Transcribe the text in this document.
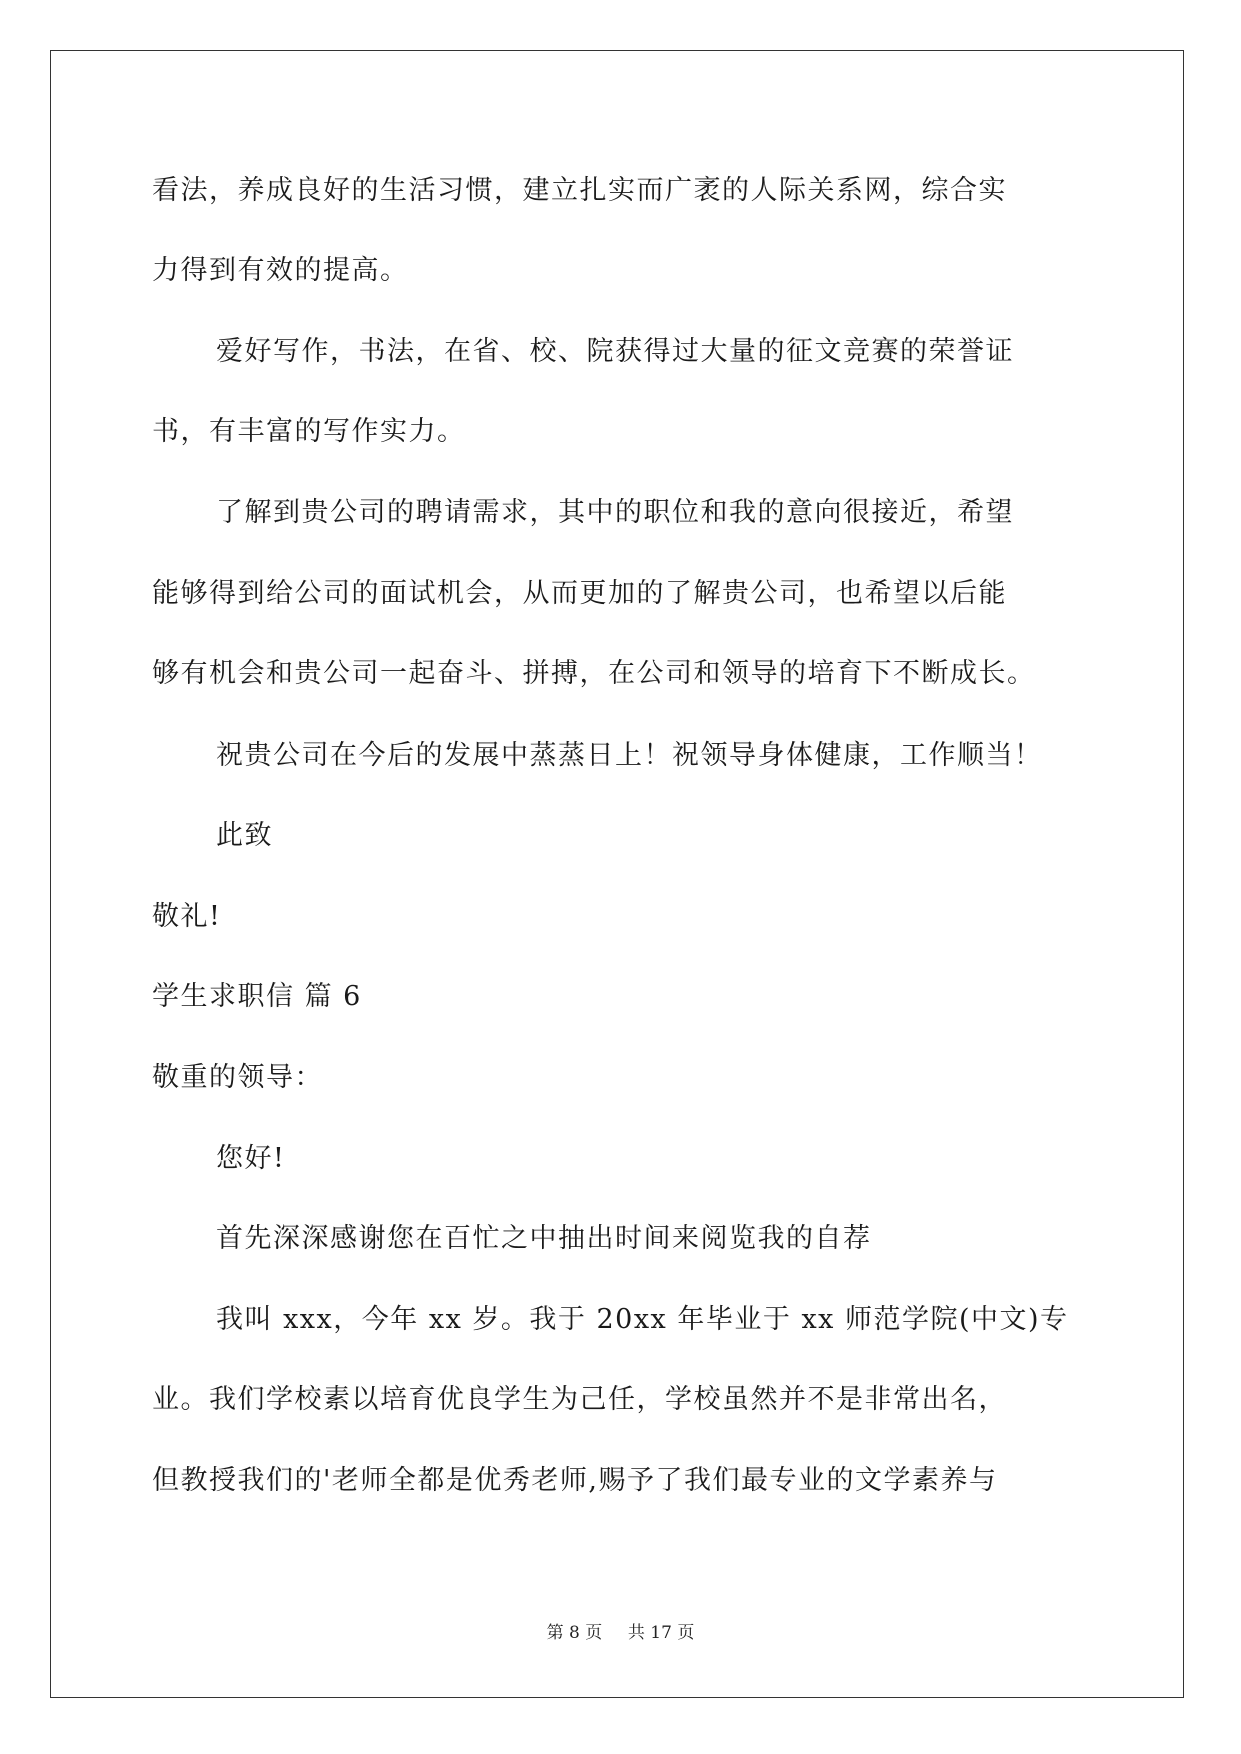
看法，养成良好的生活习惯，建立扎实而广袤的人际关系网，综合实
力得到有效的提高。
爱好写作，书法，在省、校、院获得过大量的征文竞赛的荣誉证
书，有丰富的写作实力。
了解到贵公司的聘请需求，其中的职位和我的意向很接近，希望
能够得到给公司的面试机会，从而更加的了解贵公司，也希望以后能
够有机会和贵公司一起奋斗、拼搏，在公司和领导的培育下不断成长。
祝贵公司在今后的发展中蒸蒸日上！祝领导身体健康，工作顺当！
此致
敬礼!
学生求职信 篇 6
敬重的领导：
您好!
首先深深感谢您在百忙之中抽出时间来阅览我的自荐
我叫 xxx，今年 xx 岁。我于 20xx 年毕业于 xx 师范学院(中文)专
业。我们学校素以培育优良学生为己任，学校虽然并不是非常出名，
但教授我们的'老师全都是优秀老师,赐予了我们最专业的文学素养与
第 8 页 共 17 页
